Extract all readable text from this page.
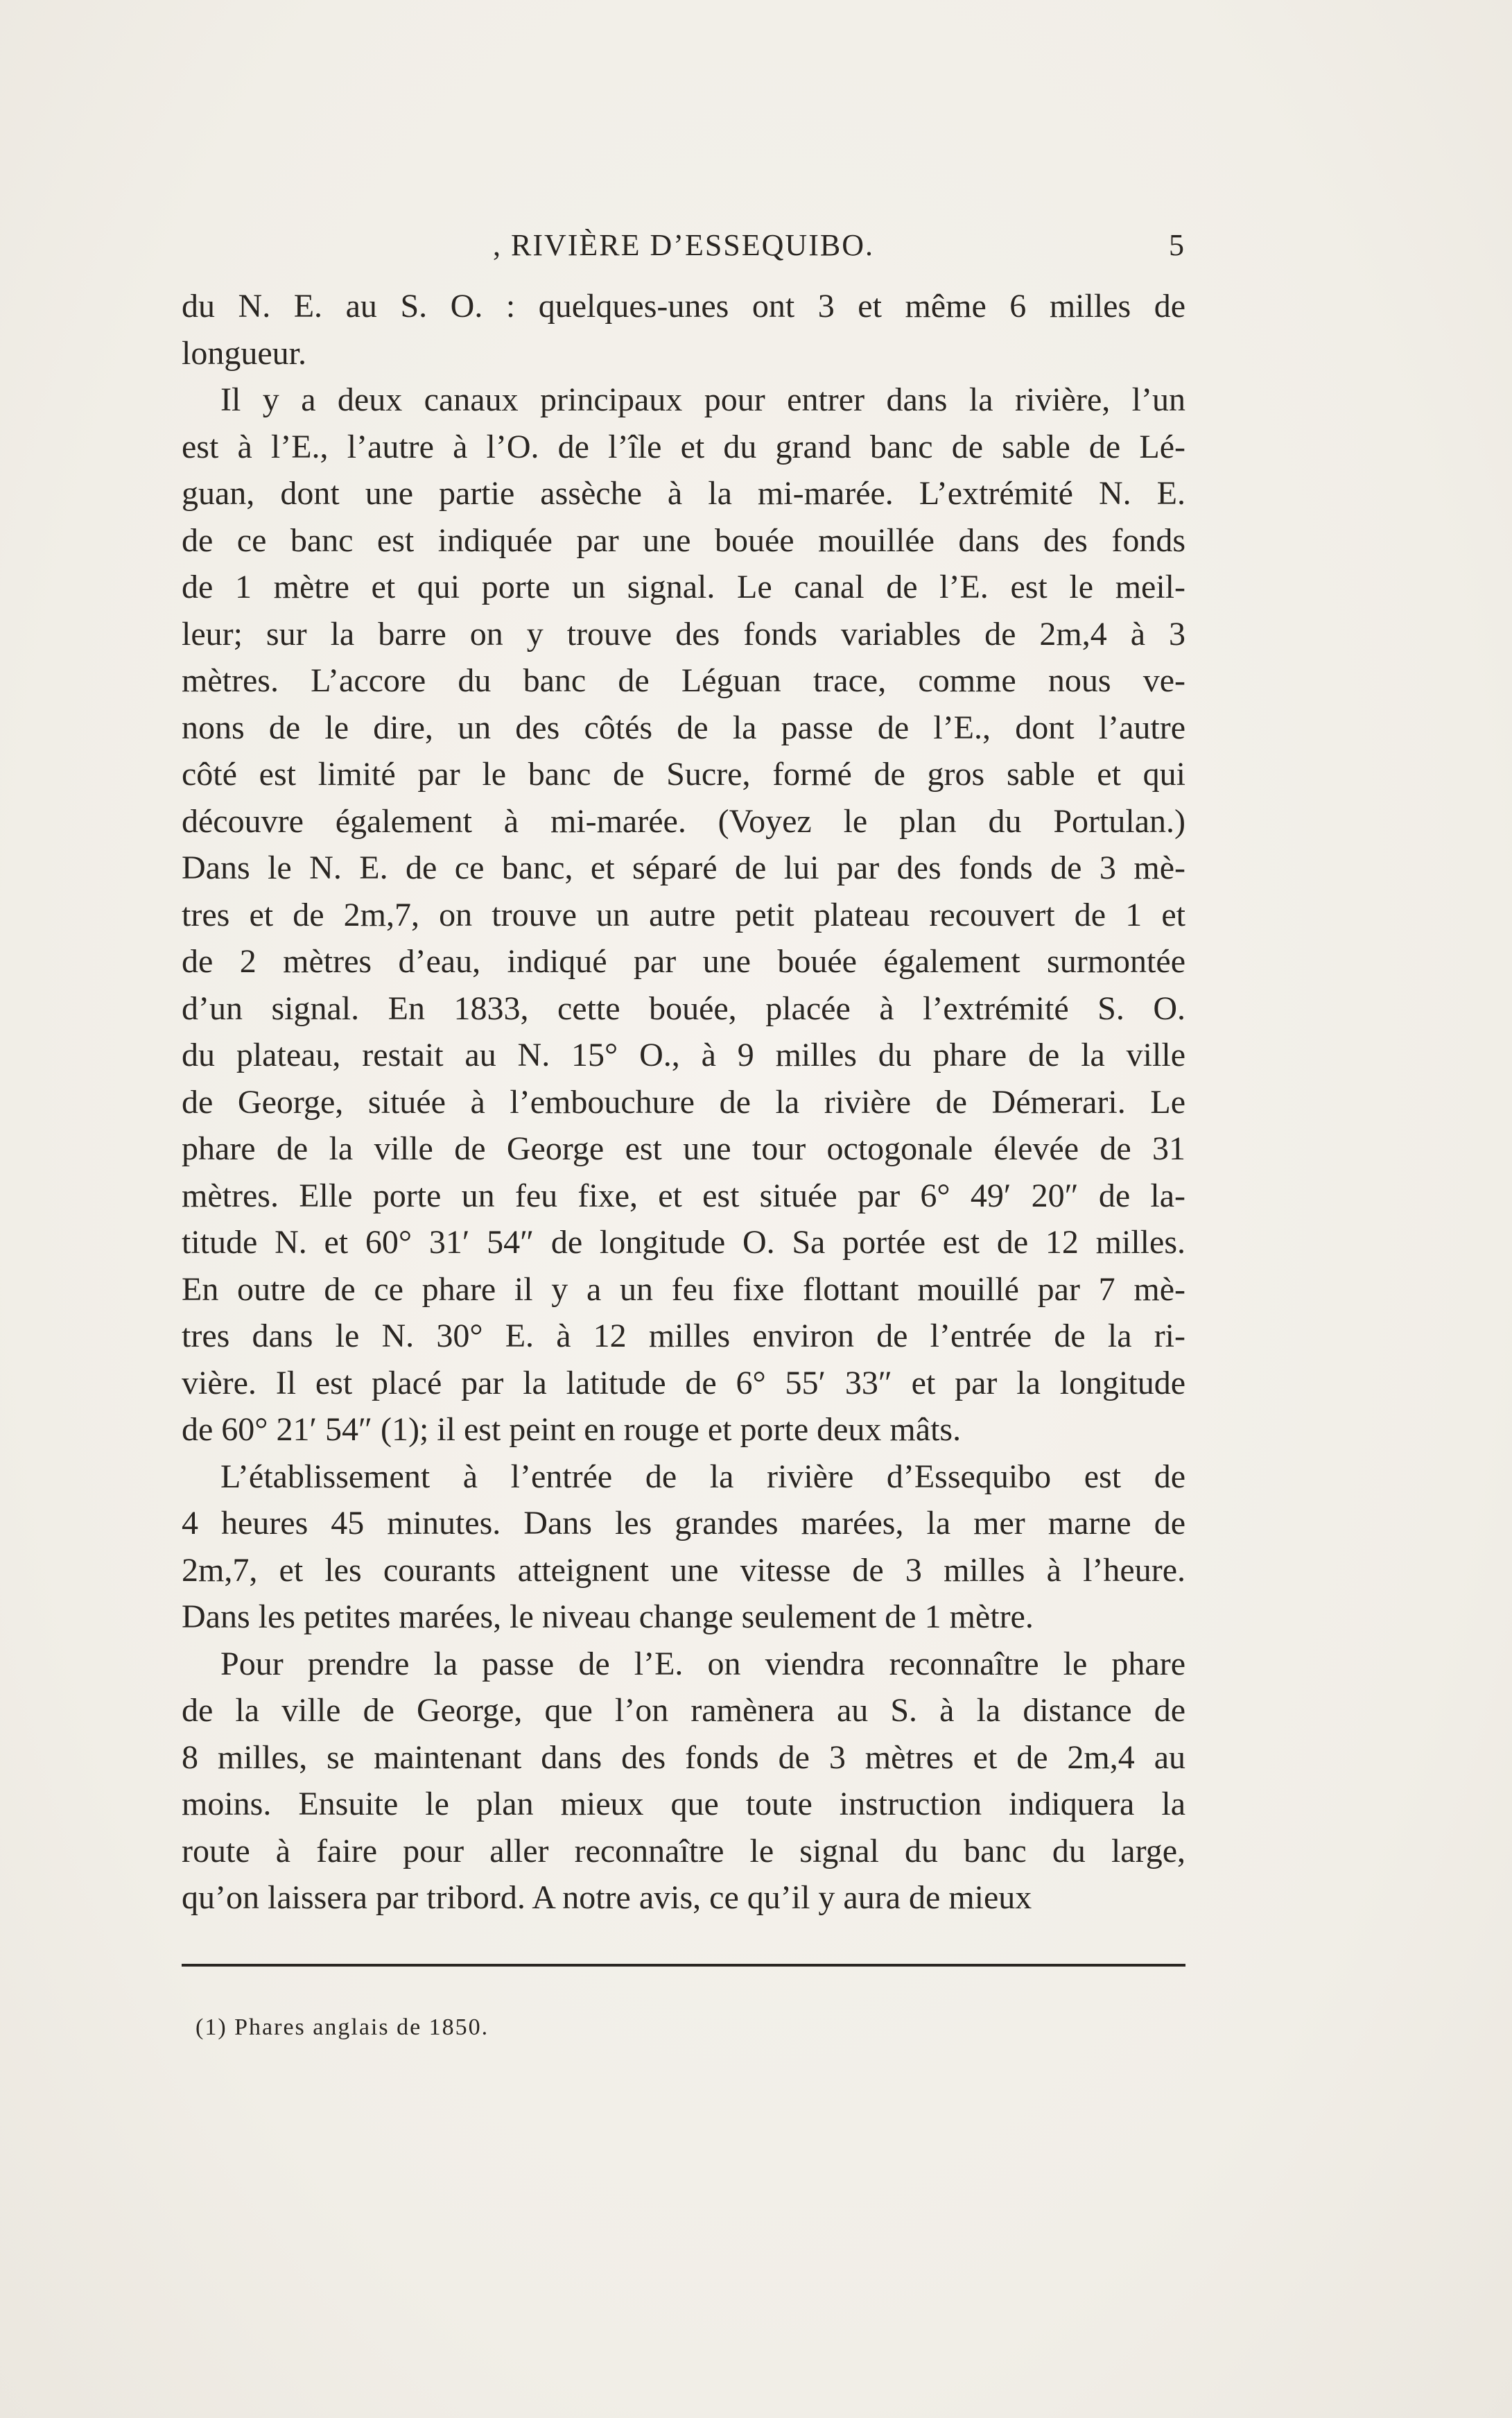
, RIVIÈRE D’ESSEQUIBO.	5
du N. E. au S. O. : quelques-unes ont 3 et même 6 milles de
longueur.
Il y a deux canaux principaux pour entrer dans la rivière, l’un
est à l’E., l’autre à l’O. de l’île et du grand banc de sable de Lé-
guan, dont une partie assèche à la mi-marée. L’extrémité N. E.
de ce banc est indiquée par une bouée mouillée dans des fonds
de 1 mètre et qui porte un signal. Le canal de l’E. est le meil-
leur; sur la barre on y trouve des fonds variables de 2m,4 à 3
mètres. L’accore du banc de Léguan trace, comme nous ve-
nons de le dire, un des côtés de la passe de l’E., dont l’autre
côté est limité par le banc de Sucre, formé de gros sable et qui
découvre également à mi-marée. (Voyez le plan du Portulan.)
Dans le N. E. de ce banc, et séparé de lui par des fonds de 3 mè-
tres et de 2m,7, on trouve un autre petit plateau recouvert de 1 et
de 2 mètres d’eau, indiqué par une bouée également surmontée
d’un signal. En 1833, cette bouée, placée à l’extrémité S. O.
du plateau, restait au N. 15° O., à 9 milles du phare de la ville
de George, située à l’embouchure de la rivière de Démerari. Le
phare de la ville de George est une tour octogonale élevée de 31
mètres. Elle porte un feu fixe, et est située par 6° 49′ 20″ de la-
titude N. et 60° 31′ 54″ de longitude O. Sa portée est de 12 milles.
En outre de ce phare il y a un feu fixe flottant mouillé par 7 mè-
tres dans le N. 30° E. à 12 milles environ de l’entrée de la ri-
vière. Il est placé par la latitude de 6° 55′ 33″ et par la longitude
de 60° 21′ 54″ (1); il est peint en rouge et porte deux mâts.
L’établissement à l’entrée de la rivière d’Essequibo est de
4 heures 45 minutes. Dans les grandes marées, la mer marne de
2m,7, et les courants atteignent une vitesse de 3 milles à l’heure.
Dans les petites marées, le niveau change seulement de 1 mètre.
Pour prendre la passe de l’E. on viendra reconnaître le phare
de la ville de George, que l’on ramènera au S. à la distance de
8 milles, se maintenant dans des fonds de 3 mètres et de 2m,4 au
moins. Ensuite le plan mieux que toute instruction indiquera la
route à faire pour aller reconnaître le signal du banc du large,
qu’on laissera par tribord. A notre avis, ce qu’il y aura de mieux
(1) Phares anglais de 1850.
